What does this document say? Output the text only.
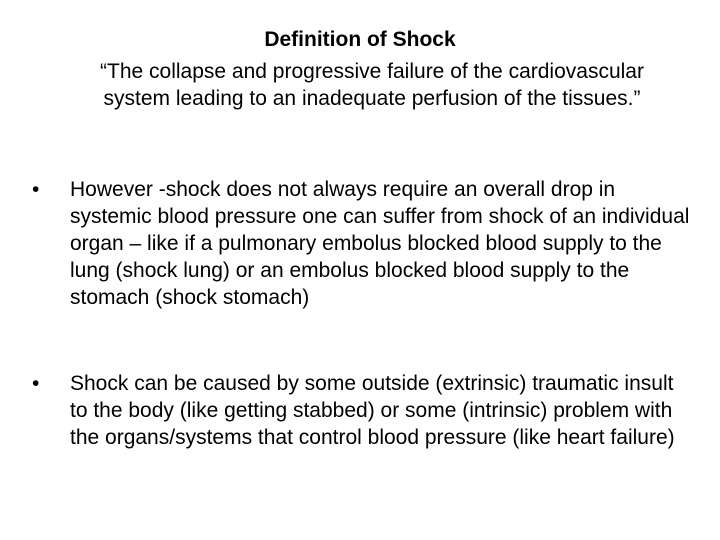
Definition of Shock
“The collapse and progressive failure of the cardiovascular system leading to an inadequate perfusion of the tissues.”
• However -shock does not always require an overall drop in systemic blood pressure one can suffer from shock of an individual organ – like if a pulmonary embolus blocked blood supply to the lung (shock lung) or an embolus blocked blood supply to the stomach (shock stomach)
• Shock can be caused by some outside (extrinsic) traumatic insult to the body (like getting stabbed) or some (intrinsic) problem with the organs/systems that control blood pressure (like heart failure)
